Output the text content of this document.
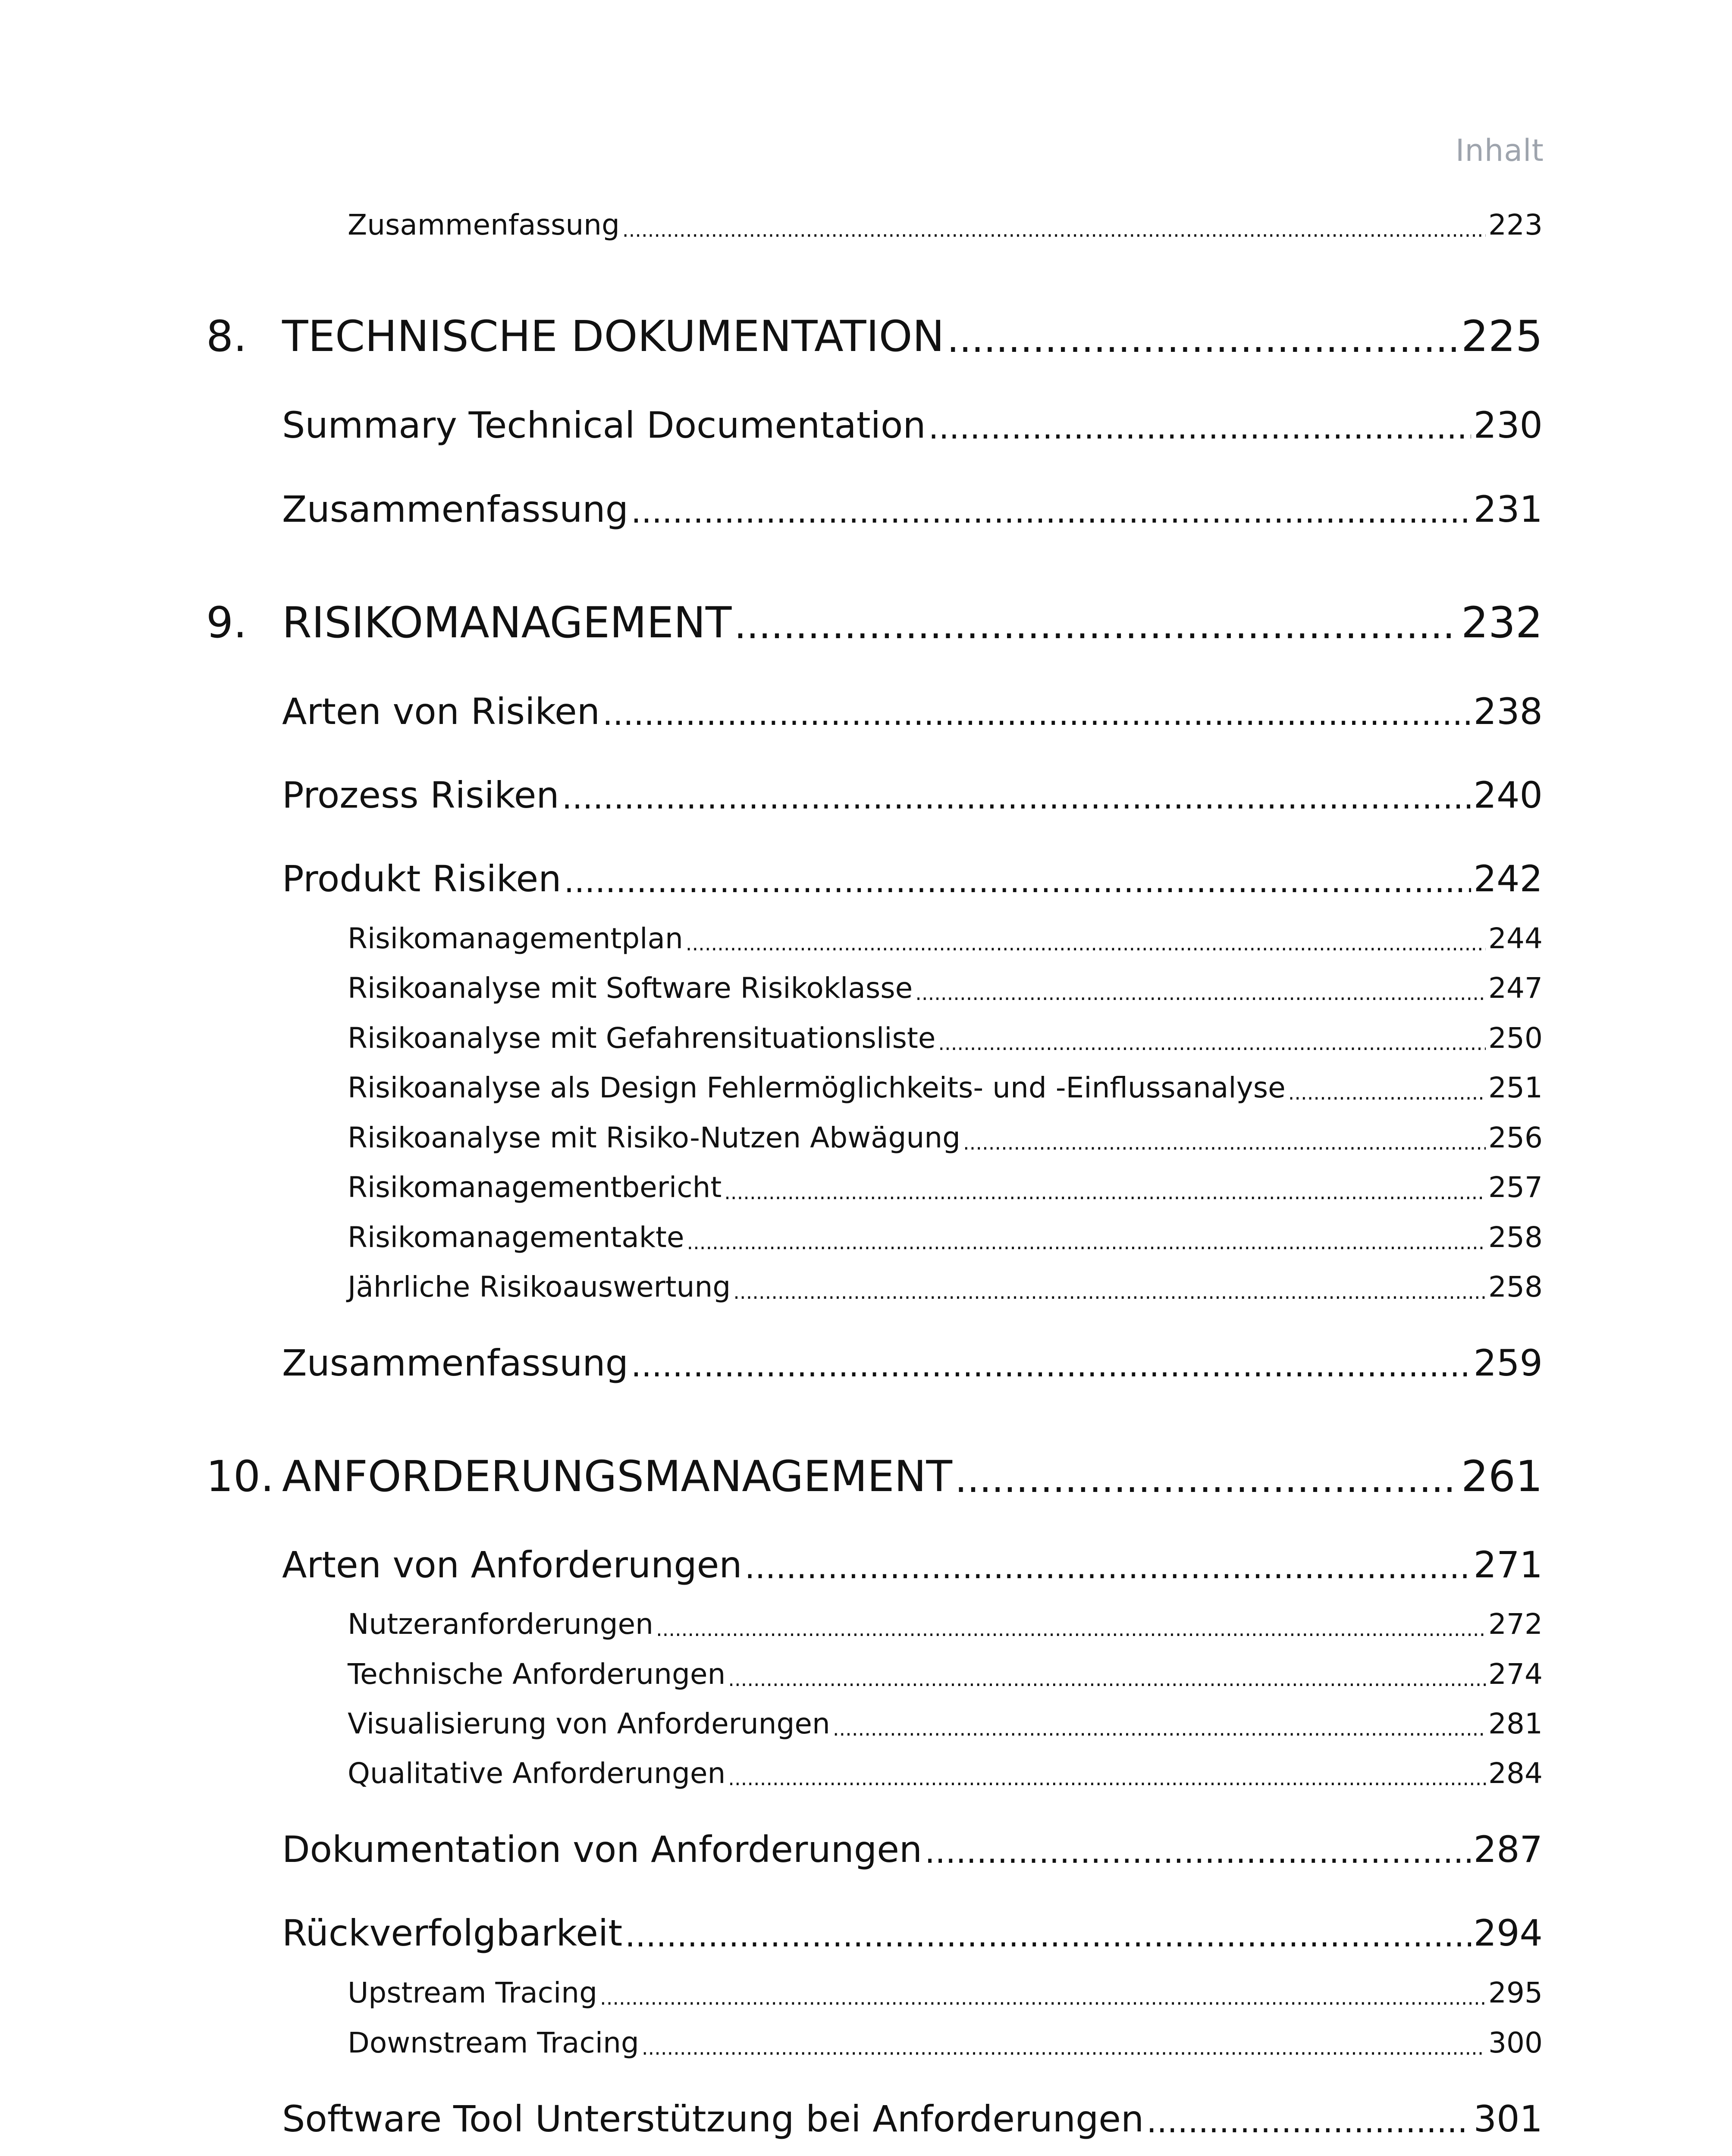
Inhalt
Zusammenfassung .....	223
8. TECHNISCHE DOKUMENTATION .....	225
Summary Technical Documentation .....	230
Zusammenfassung .....	231
9. RISIKOMANAGEMENT .....	232
Arten von Risiken .....	238
Prozess Risiken .....	240
Produkt Risiken .....	242
Risikomanagementplan .....	244
Risikoanalyse mit Software Risikoklasse .....	247
Risikoanalyse mit Gefahrensituationsliste .....	250
Risikoanalyse als Design Fehlermöglichkeits- und -Einflussanalyse .....	251
Risikoanalyse mit Risiko-Nutzen Abwägung .....	256
Risikomanagementbericht .....	257
Risikomanagementakte .....	258
Jährliche Risikoauswertung .....	258
Zusammenfassung .....	259
10. ANFORDERUNGSMANAGEMENT .....	261
Arten von Anforderungen .....	271
Nutzeranforderungen .....	272
Technische Anforderungen .....	274
Visualisierung von Anforderungen .....	281
Qualitative Anforderungen .....	284
Dokumentation von Anforderungen .....	287
Rückverfolgbarkeit .....	294
Upstream Tracing .....	295
Downstream Tracing .....	300
Software Tool Unterstützung bei Anforderungen .....	301
